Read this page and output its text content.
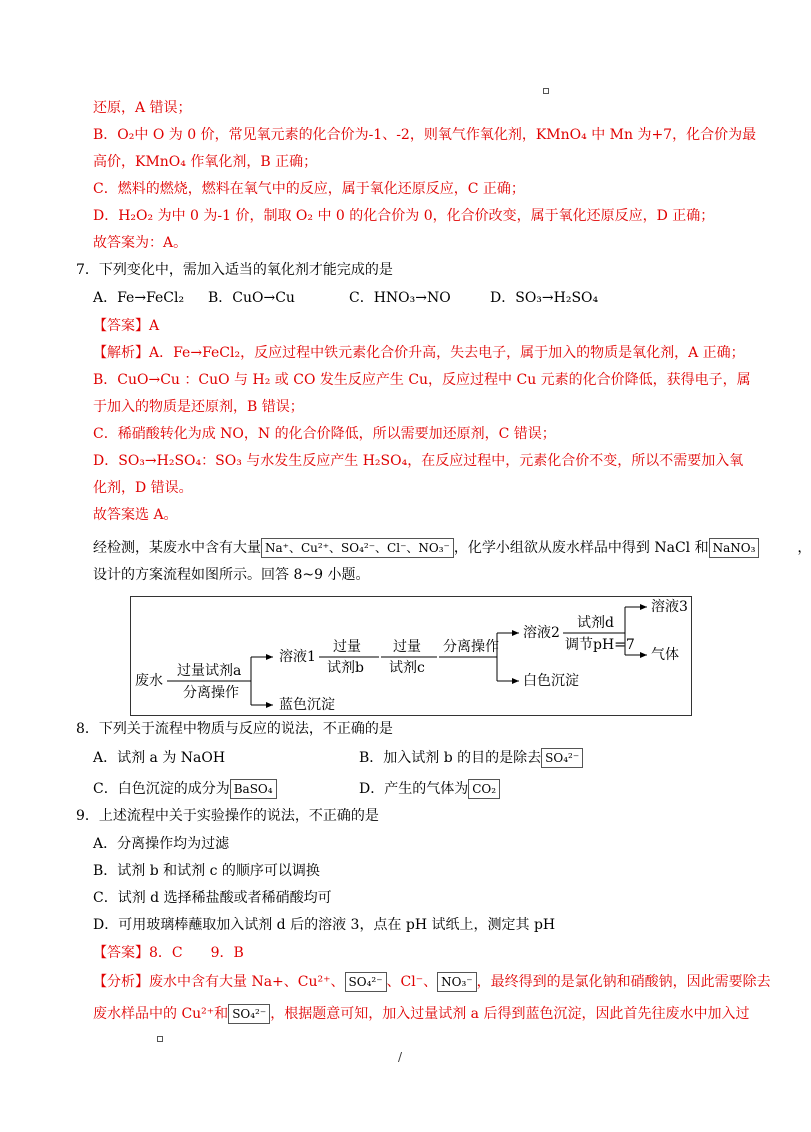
还原，A 错误；
B．O₂中 O 为 0 价，常见氧元素的化合价为-1、-2，则氧气作氧化剂，KMnO₄ 中 Mn 为+7，化合价为最
高价，KMnO₄ 作氧化剂，B 正确；
C．燃料的燃烧，燃料在氧气中的反应，属于氧化还原反应，C 正确；
D．H₂O₂ 为中 0 为-1 价，制取 O₂ 中 0 的化合价为 0，化合价改变，属于氧化还原反应，D 正确；
故答案为：A。
7．下列变化中，需加入适当的氧化剂才能完成的是
A．Fe→FeCl₂ B．CuO→Cu	C．HNO₃→NO	D．SO₃→H₂SO₄
【答案】A
【解析】A．Fe→FeCl₂，反应过程中铁元素化合价升高，失去电子，属于加入的物质是氧化剂，A 正确；
B．CuO→Cu ：CuO 与 H₂ 或 CO 发生反应产生 Cu，反应过程中 Cu 元素的化合价降低，获得电子，属
于加入的物质是还原剂，B 错误；
C．稀硝酸转化为成 NO，N 的化合价降低，所以需要加还原剂，C 错误；
D．SO₃→H₂SO₄：SO₃ 与水发生反应产生 H₂SO₄，在反应过程中，元素化合价不变，所以不需要加入氧
化剂，D 错误。
故答案选 A。
经检测，某废水中含有大量 Na⁺、Cu²⁺、SO₄²⁻、Cl⁻、NO₃⁻ ，化学小组欲从废水样品中得到 NaCl 和 NaNO₃	，
设计的方案流程如图所示。回答 8~9 小题。
废水
过量试剂a
分离操作
溶液1
蓝色沉淀
过量
试剂b
过量
试剂c
分离操作
溶液2
白色沉淀
试剂d
调节pH=7
溶液3
气体
8．下列关于流程中物质与反应的说法，不正确的是
A．试剂 a 为 NaOH	B．加入试剂 b 的目的是除去 SO₄²⁻
C．白色沉淀的成分为 BaSO₄	D．产生的气体为 CO₂
9．上述流程中关于实验操作的说法，不正确的是
A．分离操作均为过滤
B．试剂 b 和试剂 c 的顺序可以调换
C．试剂 d 选择稀盐酸或者稀硝酸均可
D．可用玻璃棒蘸取加入试剂 d 后的溶液 3，点在 pH 试纸上，测定其 pH
【答案】8．C　　9．B
【分析】废水中含有大量 Na+、Cu²⁺、 SO₄²⁻ 、Cl⁻、 NO₃⁻ ，最终得到的是氯化钠和硝酸钠，因此需要除去
废水样品中的 Cu²⁺和 SO₄²⁻ ，根据题意可知，加入过量试剂 a 后得到蓝色沉淀，因此首先往废水中加入过
/
